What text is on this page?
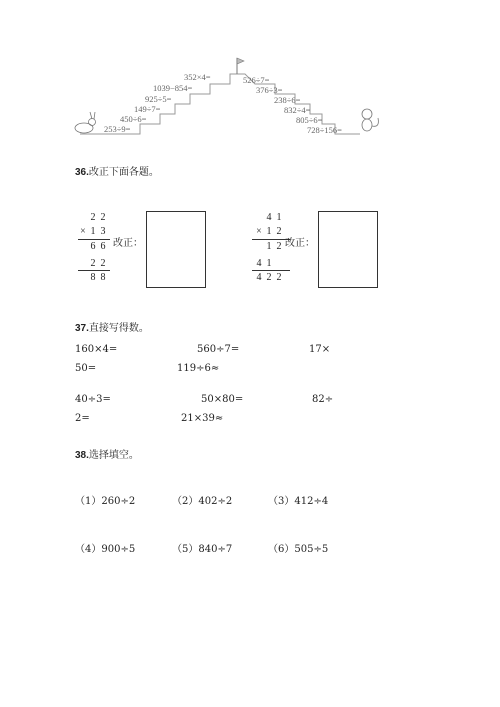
352×4=
1039−854=
925÷5=
149÷7=
450÷6=
253÷9=
526÷7=
376÷3=
238÷6=
832÷4=
805÷6=
728÷156=
36.改正下面各题。
2 2
× 1 3
6 6
2 2
8 8
改正：
4 1
× 1 2
1 2
4 1
4 2 2
改正：
37.直接写得数。
160×4=	560÷7=	17×
50=	119÷6≈
40÷3=	50×80=	82÷
2=	21×39≈
38.选择填空。
（1）260÷2	（2）402÷2	（3）412÷4
（4）900÷5	（5）840÷7	（6）505÷5
